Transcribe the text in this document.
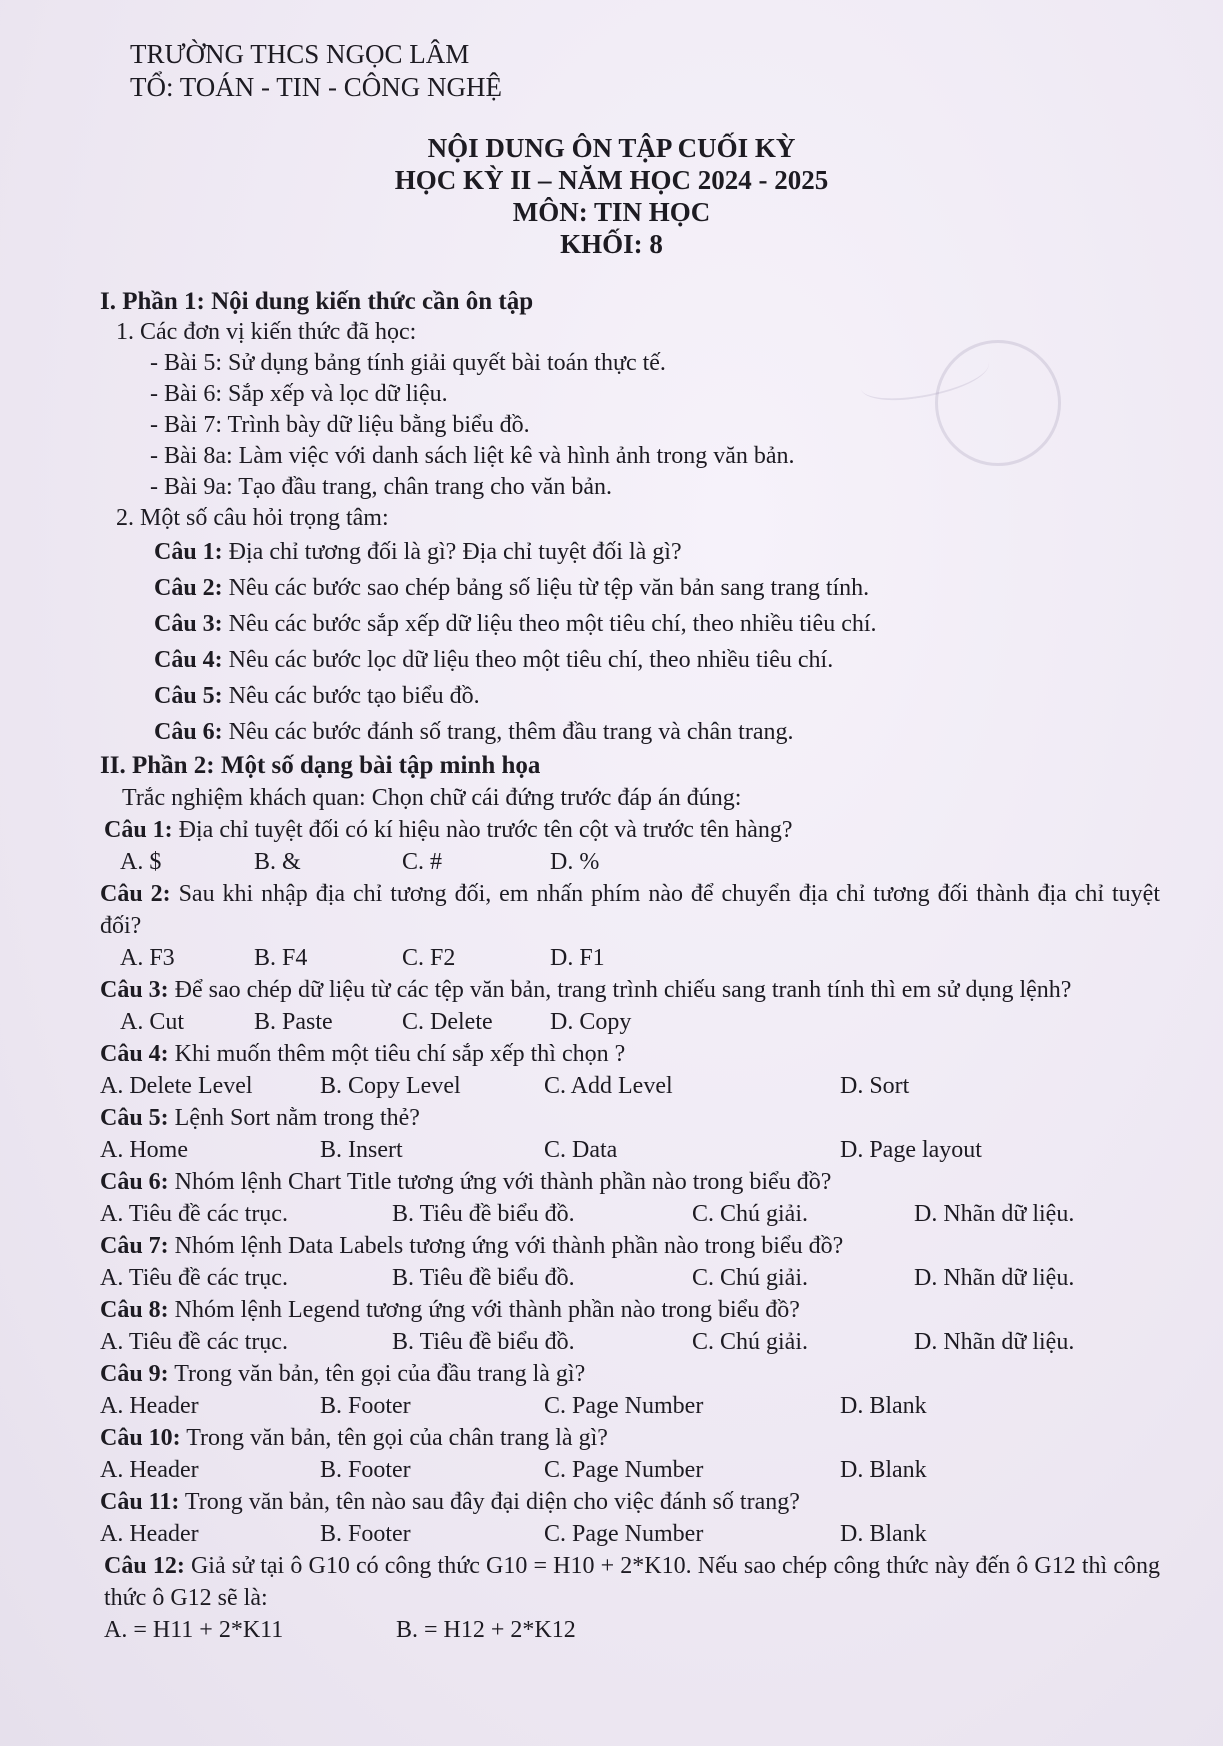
TRƯỜNG THCS NGỌC LÂM
TỔ: TOÁN - TIN - CÔNG NGHỆ
NỘI DUNG ÔN TẬP CUỐI KỲ
HỌC KỲ II – NĂM HỌC 2024 - 2025
MÔN: TIN HỌC
KHỐI: 8
I. Phần 1: Nội dung kiến thức cần ôn tập
1. Các đơn vị kiến thức đã học:
- Bài 5: Sử dụng bảng tính giải quyết bài toán thực tế.
- Bài 6: Sắp xếp và lọc dữ liệu.
- Bài 7: Trình bày dữ liệu bằng biểu đồ.
- Bài 8a: Làm việc với danh sách liệt kê và hình ảnh trong văn bản.
- Bài 9a: Tạo đầu trang, chân trang cho văn bản.
2. Một số câu hỏi trọng tâm:
Câu 1: Địa chỉ tương đối là gì? Địa chỉ tuyệt đối là gì?
Câu 2: Nêu các bước sao chép bảng số liệu từ tệp văn bản sang trang tính.
Câu 3: Nêu các bước sắp xếp dữ liệu theo một tiêu chí, theo nhiều tiêu chí.
Câu 4: Nêu các bước lọc dữ liệu theo một tiêu chí, theo nhiều tiêu chí.
Câu 5: Nêu các bước tạo biểu đồ.
Câu 6: Nêu các bước đánh số trang, thêm đầu trang và chân trang.
II. Phần 2: Một số dạng bài tập minh họa
Trắc nghiệm khách quan: Chọn chữ cái đứng trước đáp án đúng:
Câu 1: Địa chỉ tuyệt đối có kí hiệu nào trước tên cột và trước tên hàng?
A. $	B. &	C. #	D. %
Câu 2: Sau khi nhập địa chỉ tương đối, em nhấn phím nào để chuyển địa chỉ tương đối thành địa chỉ tuyệt đối?
A. F3	B. F4	C. F2	D. F1
Câu 3: Để sao chép dữ liệu từ các tệp văn bản, trang trình chiếu sang tranh tính thì em sử dụng lệnh?
A. Cut	B. Paste	C. Delete	D. Copy
Câu 4: Khi muốn thêm một tiêu chí sắp xếp thì chọn ?
A. Delete Level	B. Copy Level	C. Add Level	D. Sort
Câu 5: Lệnh Sort nằm trong thẻ?
A. Home	B. Insert	C. Data	D. Page layout
Câu 6: Nhóm lệnh Chart Title tương ứng với thành phần nào trong biểu đồ?
A. Tiêu đề các trục.	B. Tiêu đề biểu đồ.	C. Chú giải.	D. Nhãn dữ liệu.
Câu 7: Nhóm lệnh Data Labels tương ứng với thành phần nào trong biểu đồ?
A. Tiêu đề các trục.	B. Tiêu đề biểu đồ.	C. Chú giải.	D. Nhãn dữ liệu.
Câu 8: Nhóm lệnh Legend tương ứng với thành phần nào trong biểu đồ?
A. Tiêu đề các trục.	B. Tiêu đề biểu đồ.	C. Chú giải.	D. Nhãn dữ liệu.
Câu 9: Trong văn bản, tên gọi của đầu trang là gì?
A. Header	B. Footer	C. Page Number	D. Blank
Câu 10: Trong văn bản, tên gọi của chân trang là gì?
A. Header	B. Footer	C. Page Number	D. Blank
Câu 11: Trong văn bản, tên nào sau đây đại diện cho việc đánh số trang?
A. Header	B. Footer	C. Page Number	D. Blank
Câu 12: Giả sử tại ô G10 có công thức G10 = H10 + 2*K10. Nếu sao chép công thức này đến ô G12 thì công thức ô G12 sẽ là:
A. = H11 + 2*K11	B. = H12 + 2*K12
